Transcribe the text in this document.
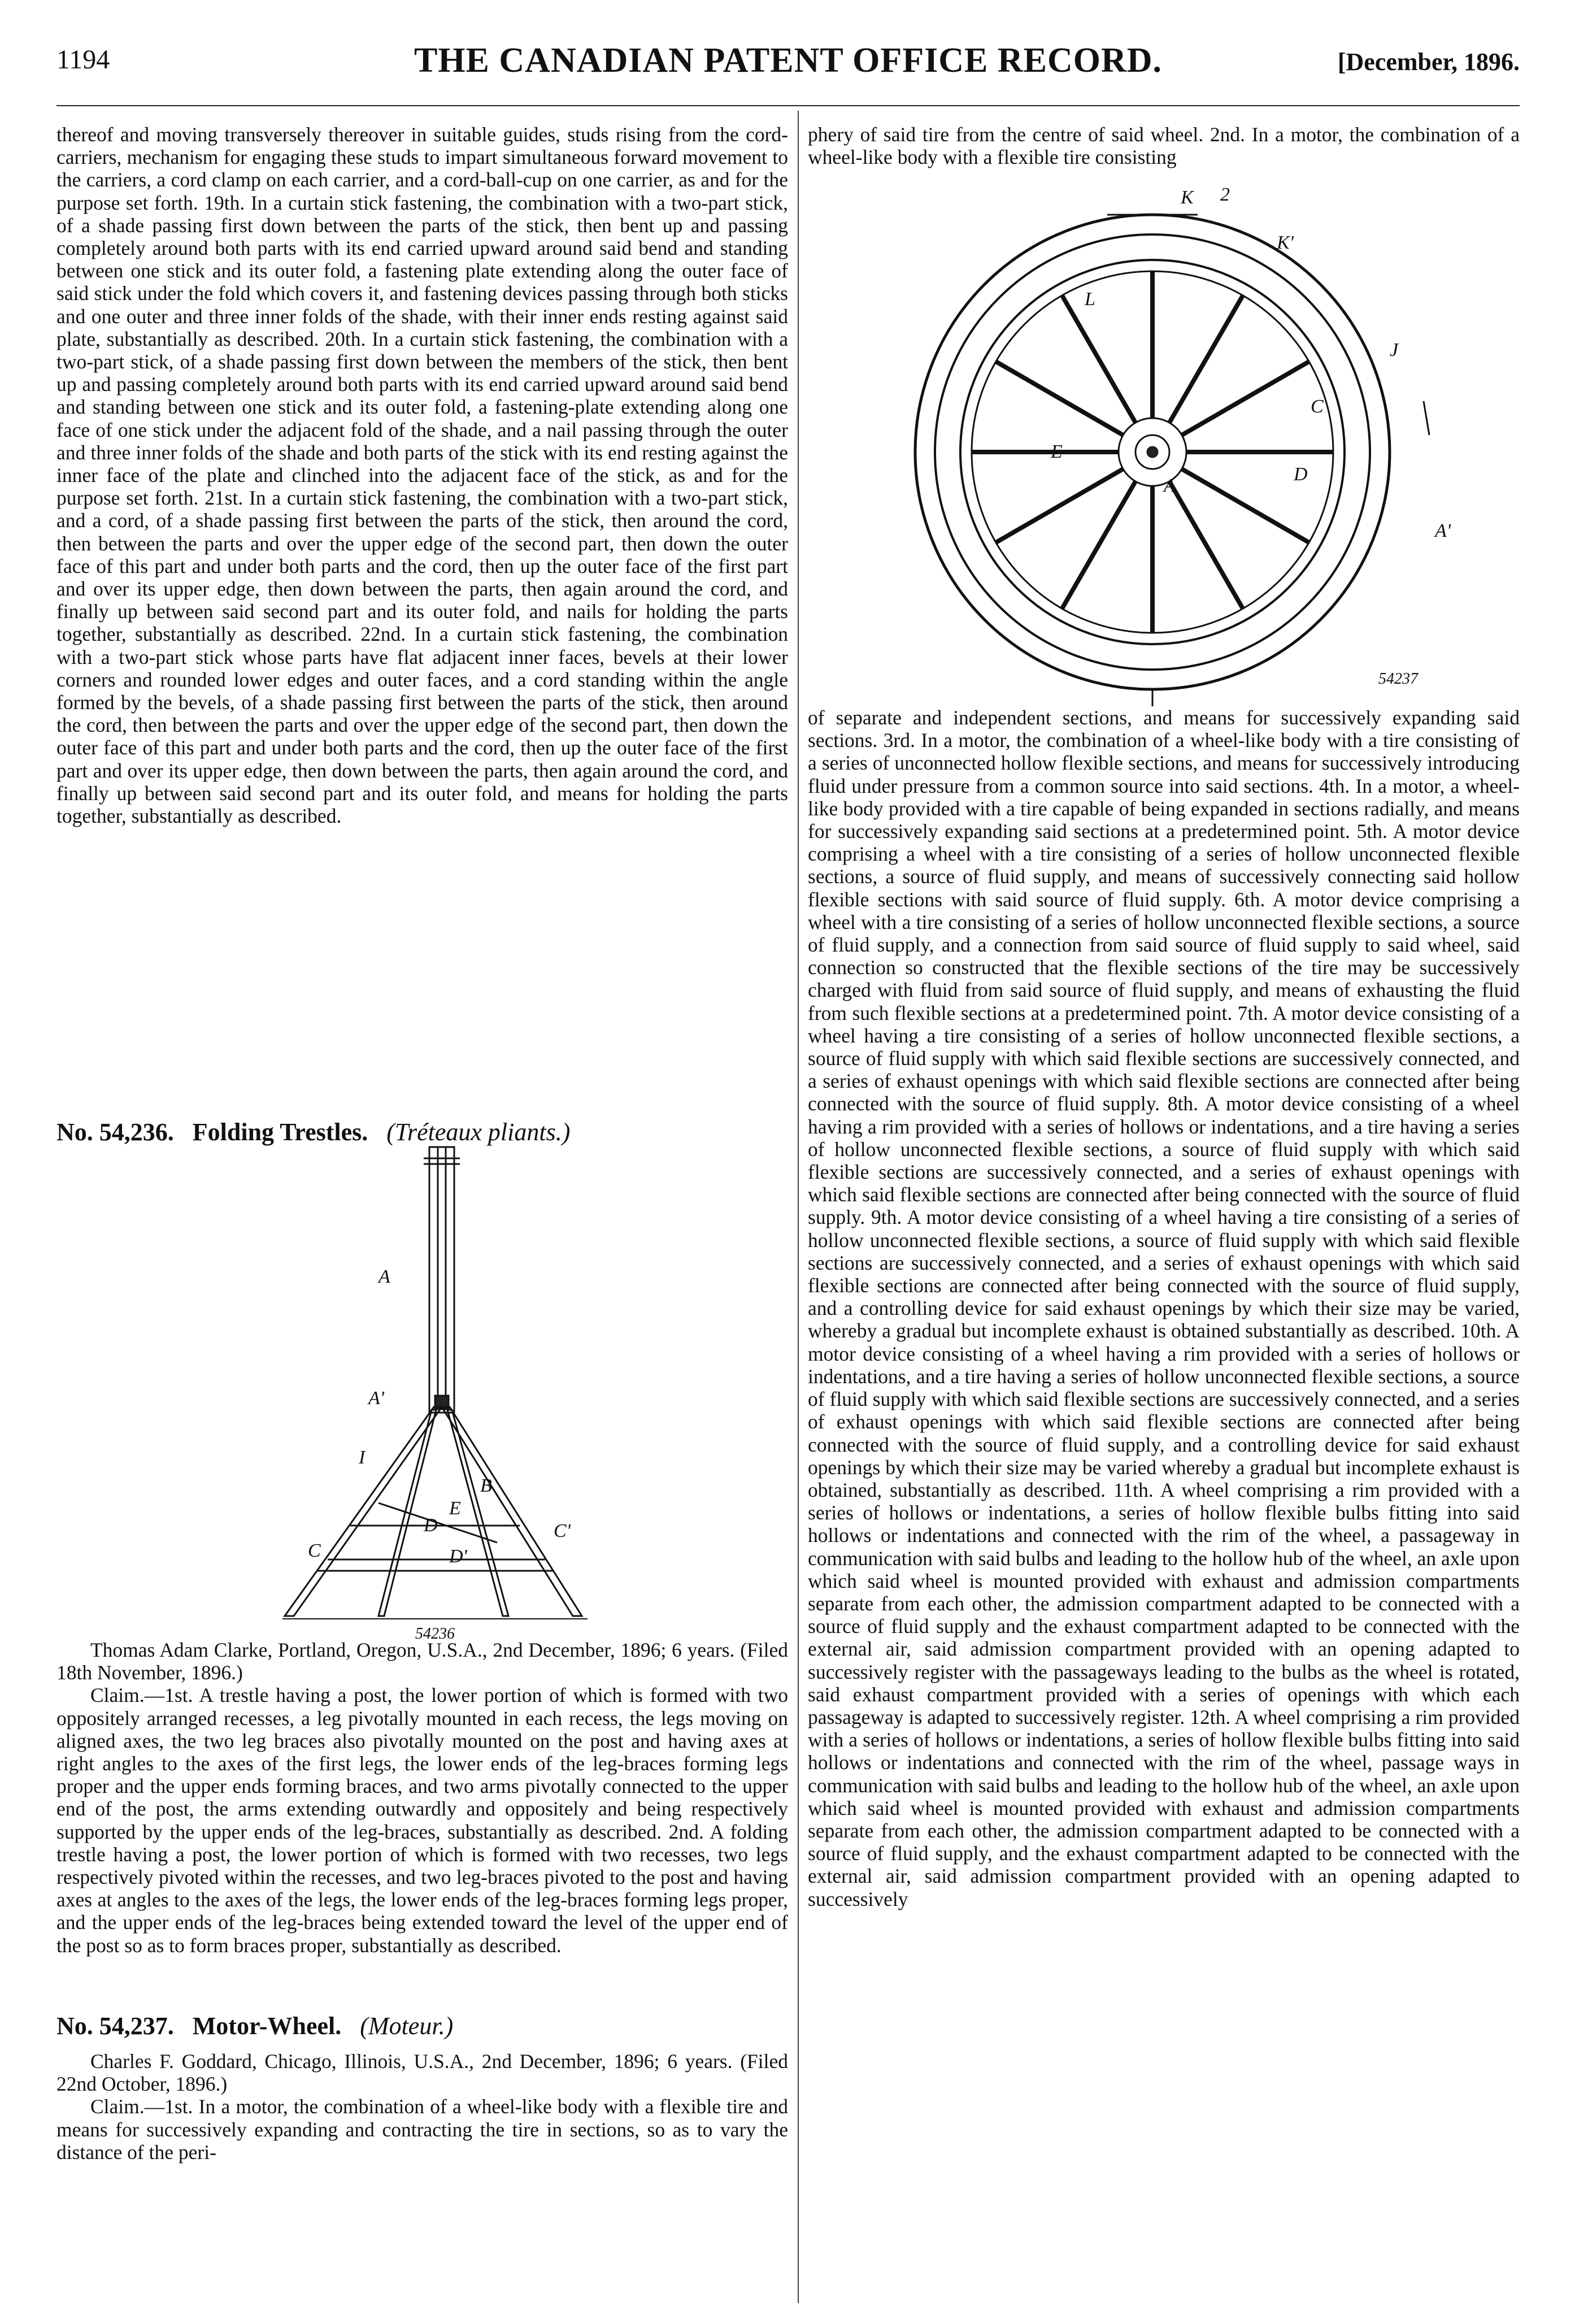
1194	THE CANADIAN PATENT OFFICE RECORD.	[December, 1896.

thereof and moving transversely thereover in suitable guides, studs rising from the cord-carriers, mechanism for engaging these studs to impart simultaneous forward movement to the carriers, a cord clamp on each carrier, and a cord-ball-cup on one carrier, as and for the purpose set forth. 19th. In a curtain stick fastening, the combination with a two-part stick, of a shade passing first down between the parts of the stick, then bent up and passing completely around both parts with its end carried upward around said bend and standing between one stick and its outer fold, a fastening plate extending along the outer face of said stick under the fold which covers it, and fastening devices passing through both sticks and one outer and three inner folds of the shade, with their inner ends resting against said plate, substantially as described. 20th. In a curtain stick fastening, the combination with a two-part stick, of a shade passing first down between the members of the stick, then bent up and passing completely around both parts with its end carried upward around said bend and standing between one stick and its outer fold, a fastening-plate extending along one face of one stick under the adjacent fold of the shade, and a nail passing through the outer and three inner folds of the shade and both parts of the stick with its end resting against the inner face of the plate and clinched into the adjacent face of the stick, as and for the purpose set forth. 21st. In a curtain stick fastening, the combination with a two-part stick, and a cord, of a shade passing first between the parts of the stick, then around the cord, then between the parts and over the upper edge of the second part, then down the outer face of this part and under both parts and the cord, then up the outer face of the first part and over its upper edge, then down between the parts, then again around the cord, and finally up between said second part and its outer fold, and nails for holding the parts together, substantially as described. 22nd. In a curtain stick fastening, the combination with a two-part stick whose parts have flat adjacent inner faces, bevels at their lower corners and rounded lower edges and outer faces, and a cord standing within the angle formed by the bevels, of a shade passing first between the parts of the stick, then around the cord, then between the parts and over the upper edge of the second part, then down the outer face of this part and under both parts and the cord, then up the outer face of the first part and over its upper edge, then down between the parts, then again around the cord, and finally up between said second part and its outer fold, and means for holding the parts together, substantially as described.

No. 54,236. Folding Trestles. (Tréteaux pliants.)
A
A'
I
B
D
E
C
C'
D'
54236

Thomas Adam Clarke, Portland, Oregon, U.S.A., 2nd December, 1896; 6 years. (Filed 18th November, 1896.)

Claim.—1st. A trestle having a post, the lower portion of which is formed with two oppositely arranged recesses, a leg pivotally mounted in each recess, the legs moving on aligned axes, the two leg braces also pivotally mounted on the post and having axes at right angles to the axes of the first legs, the lower ends of the leg-braces forming legs proper and the upper ends forming braces, and two arms pivotally connected to the upper end of the post, the arms extending outwardly and oppositely and being respectively supported by the upper ends of the leg-braces, substantially as described. 2nd. A folding trestle having a post, the lower portion of which is formed with two recesses, two legs respectively pivoted within the recesses, and two leg-braces pivoted to the post and having axes at angles to the axes of the legs, the lower ends of the leg-braces forming legs proper, and the upper ends of the leg-braces being extended toward the level of the upper end of the post so as to form braces proper, substantially as described.

No. 54,237. Motor-Wheel. (Moteur.)

Charles F. Goddard, Chicago, Illinois, U.S.A., 2nd December, 1896; 6 years. (Filed 22nd October, 1896.)

Claim.—1st. In a motor, the combination of a wheel-like body with a flexible tire and means for successively expanding and contracting the tire in sections, so as to vary the distance of the peri-

phery of said tire from the centre of said wheel. 2nd. In a motor, the combination of a wheel-like body with a flexible tire consisting

K 2
K'
L
J
C
E
A
D
A'
54237

of separate and independent sections, and means for successively expanding said sections. 3rd. In a motor, the combination of a wheel-like body with a tire consisting of a series of unconnected hollow flexible sections, and means for successively introducing fluid under pressure from a common source into said sections. 4th. In a motor, a wheel-like body provided with a tire capable of being expanded in sections radially, and means for successively expanding said sections at a predetermined point. 5th. A motor device comprising a wheel with a tire consisting of a series of hollow unconnected flexible sections, a source of fluid supply, and means of successively connecting said hollow flexible sections with said source of fluid supply. 6th. A motor device comprising a wheel with a tire consisting of a series of hollow unconnected flexible sections, a source of fluid supply, and a connection from said source of fluid supply to said wheel, said connection so constructed that the flexible sections of the tire may be successively charged with fluid from said source of fluid supply, and means of exhausting the fluid from such flexible sections at a predetermined point. 7th. A motor device consisting of a wheel having a tire consisting of a series of hollow unconnected flexible sections, a source of fluid supply with which said flexible sections are successively connected, and a series of exhaust openings with which said flexible sections are connected after being connected with the source of fluid supply. 8th. A motor device consisting of a wheel having a rim provided with a series of hollows or indentations, and a tire having a series of hollow unconnected flexible sections, a source of fluid supply with which said flexible sections are successively connected, and a series of exhaust openings with which said flexible sections are connected after being connected with the source of fluid supply. 9th. A motor device consisting of a wheel having a tire consisting of a series of hollow unconnected flexible sections, a source of fluid supply with which said flexible sections are successively connected, and a series of exhaust openings with which said flexible sections are connected after being connected with the source of fluid supply, and a controlling device for said exhaust openings by which their size may be varied, whereby a gradual but incomplete exhaust is obtained substantially as described. 10th. A motor device consisting of a wheel having a rim provided with a series of hollows or indentations, and a tire having a series of hollow unconnected flexible sections, a source of fluid supply with which said flexible sections are successively connected, and a series of exhaust openings with which said flexible sections are connected after being connected with the source of fluid supply, and a controlling device for said exhaust openings by which their size may be varied whereby a gradual but incomplete exhaust is obtained, substantially as described. 11th. A wheel comprising a rim provided with a series of hollows or indentations, a series of hollow flexible bulbs fitting into said hollows or indentations and connected with the rim of the wheel, a passageway in communication with said bulbs and leading to the hollow hub of the wheel, an axle upon which said wheel is mounted provided with exhaust and admission compartments separate from each other, the admission compartment adapted to be connected with a source of fluid supply and the exhaust compartment adapted to be connected with the external air, said admission compartment provided with an opening adapted to successively register with the passageways leading to the bulbs as the wheel is rotated, said exhaust compartment provided with a series of openings with which each passageway is adapted to successively register. 12th. A wheel comprising a rim provided with a series of hollows or indentations, a series of hollow flexible bulbs fitting into said hollows or indentations and connected with the rim of the wheel, passage ways in communication with said bulbs and leading to the hollow hub of the wheel, an axle upon which said wheel is mounted provided with exhaust and admission compartments separate from each other, the admission compartment adapted to be connected with a source of fluid supply, and the exhaust compartment adapted to be connected with the external air, said admission compartment provided with an opening adapted to successively
